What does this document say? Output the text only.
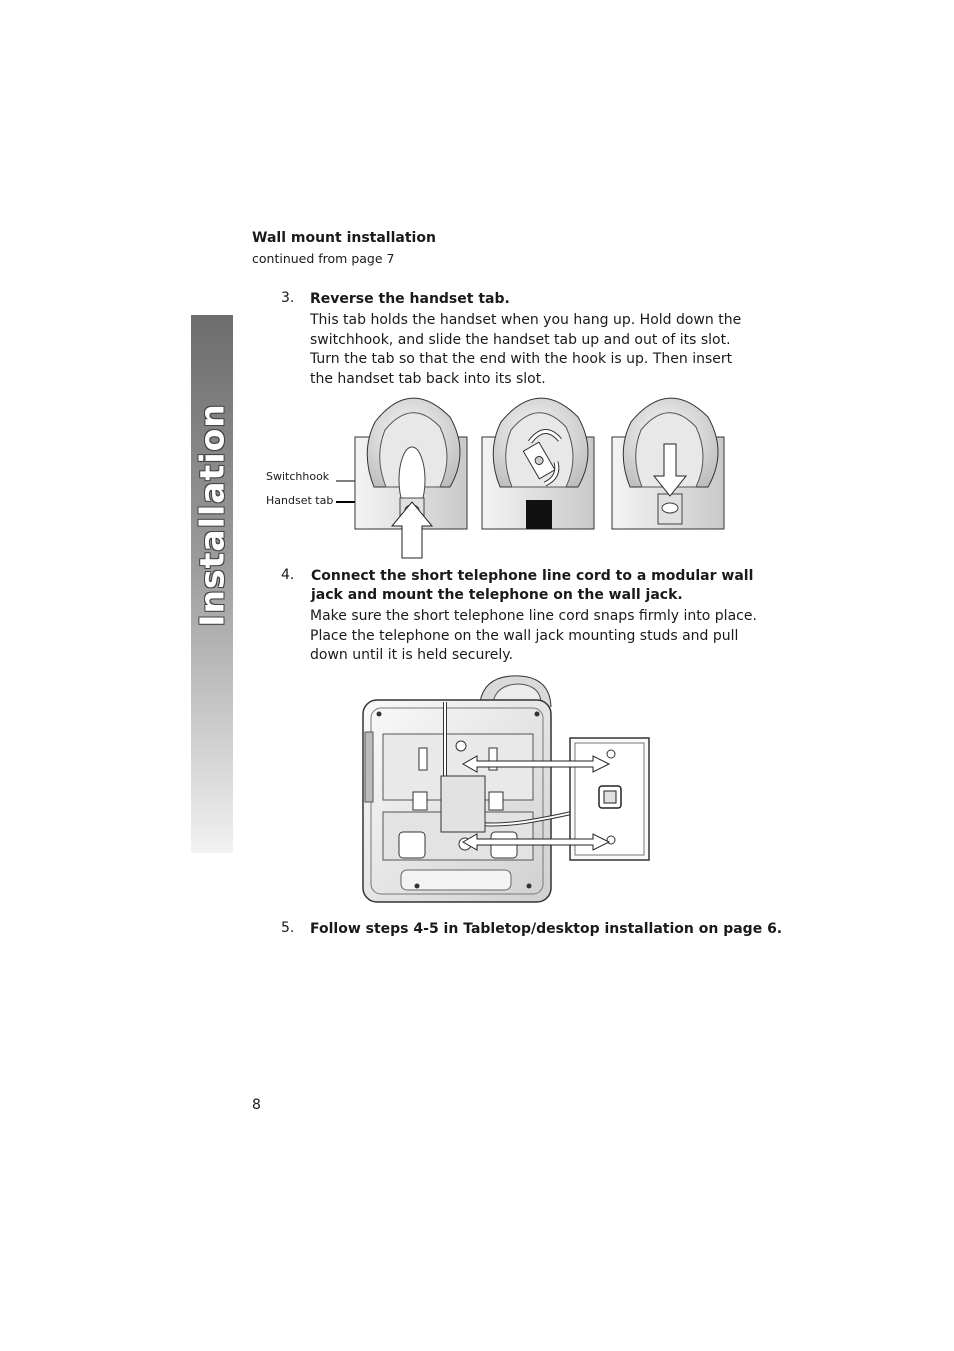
Installation
Wall mount installation
continued from page 7
3. Reverse the handset tab.
This tab holds the handset when you hang up. Hold down the
switchhook, and slide the handset tab up and out of its slot.
Turn the tab so that the end with the hook is up. Then insert
the handset tab back into its slot.
Switchhook
Handset tab
4. Connect the short telephone line cord to a modular wall
jack and mount the telephone on the wall jack.
Make sure the short telephone line cord snaps firmly into place.
Place the telephone on the wall jack mounting studs and pull
down until it is held securely.
5. Follow steps 4-5 in Tabletop/desktop installation on page 6.
8
